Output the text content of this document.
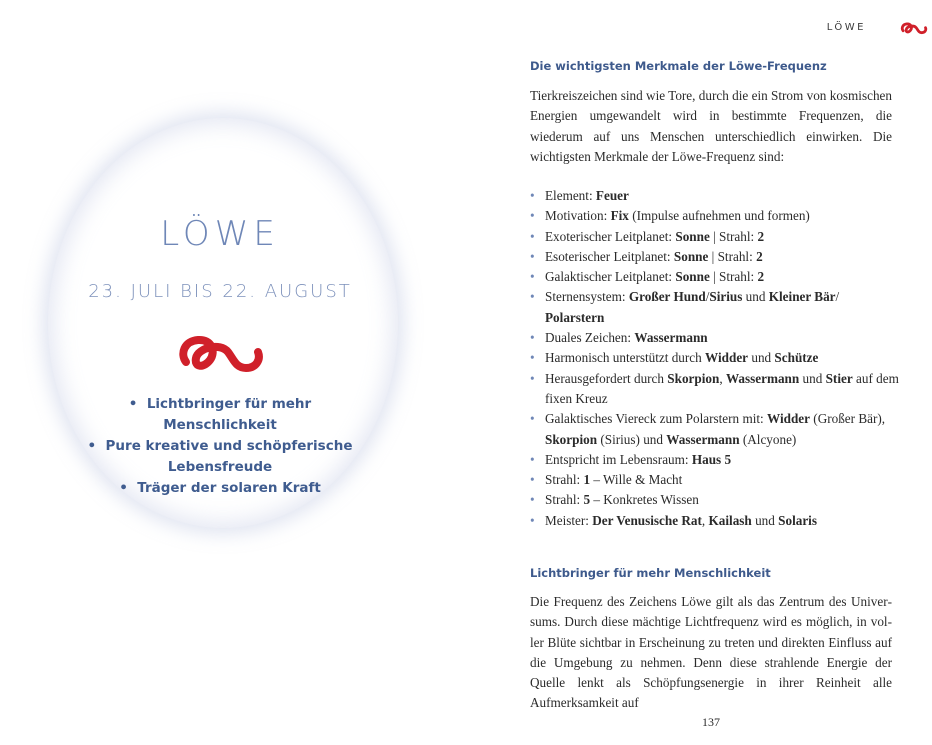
LÖWE
23. JULI BIS 22. AUGUST
•  Lichtbringer für mehr Menschlichkeit
•  Pure kreative und schöpferische Lebensfreude
•  Träger der solaren Kraft
LÖWE
Die wichtigsten Merkmale der Löwe-Frequenz

Tierkreiszeichen sind wie Tore, durch die ein Strom von kosmischen Energien umgewandelt wird in bestimmte Frequenzen, die wiederum auf uns Menschen unterschiedlich einwirken. Die wichtigsten Merkmale der Löwe-Frequenz sind:

• Element: Feuer
• Motivation: Fix (Impulse aufnehmen und formen)
• Exoterischer Leitplanet: Sonne | Strahl: 2
• Esoterischer Leitplanet: Sonne | Strahl: 2
• Galaktischer Leitplanet: Sonne | Strahl: 2
• Sternensystem: Großer Hund/Sirius und Kleiner Bär/ Polarstern
• Duales Zeichen: Wassermann
• Harmonisch unterstützt durch Widder und Schütze
• Herausgefordert durch Skorpion, Wassermann und Stier auf dem fixen Kreuz
• Galaktisches Viereck zum Polarstern mit: Widder (Großer Bär), Skorpion (Sirius) und Wassermann (Alcyone)
• Entspricht im Lebensraum: Haus 5
• Strahl: 1 – Wille & Macht
• Strahl: 5 – Konkretes Wissen
• Meister: Der Venusische Rat, Kailash und Solaris
Lichtbringer für mehr Menschlichkeit

Die Frequenz des Zeichens Löwe gilt als das Zentrum des Universums. Durch diese mächtige Lichtfrequenz wird es möglich, in voller Blüte sichtbar in Erscheinung zu treten und direkten Einfluss auf die Umgebung zu nehmen. Denn diese strahlende Energie der Quelle lenkt als Schöpfungsenergie in ihrer Reinheit alle Aufmerksamkeit auf

137
